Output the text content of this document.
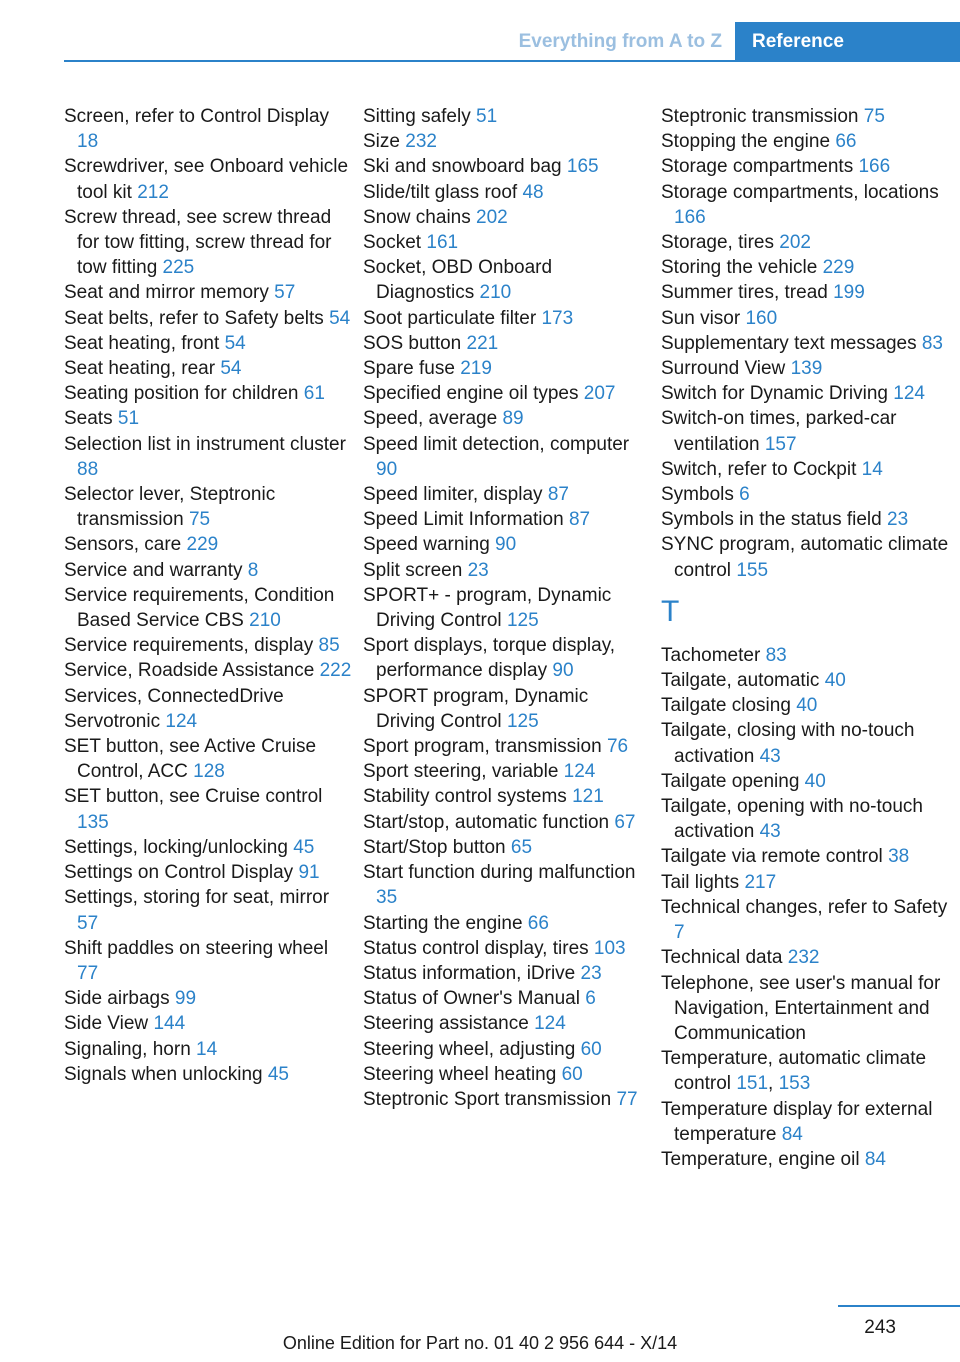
Everything from A to Z	Reference
Screen, refer to Control Display 18
Screwdriver, see Onboard vehicle tool kit 212
Screw thread, see screw thread for tow fitting, screw thread for tow fitting 225
Seat and mirror memory 57
Seat belts, refer to Safety belts 54
Seat heating, front 54
Seat heating, rear 54
Seating position for children 61
Seats 51
Selection list in instrument cluster 88
Selector lever, Steptronic transmission 75
Sensors, care 229
Service and warranty 8
Service requirements, Condition Based Service CBS 210
Service requirements, display 85
Service, Roadside Assistance 222
Services, ConnectedDrive
Servotronic 124
SET button, see Active Cruise Control, ACC 128
SET button, see Cruise control 135
Settings, locking/unlocking 45
Settings on Control Display 91
Settings, storing for seat, mirror 57
Shift paddles on steering wheel 77
Side airbags 99
Side View 144
Signaling, horn 14
Signals when unlocking 45
Sitting safely 51
Size 232
Ski and snowboard bag 165
Slide/tilt glass roof 48
Snow chains 202
Socket 161
Socket, OBD Onboard Diagnostics 210
Soot particulate filter 173
SOS button 221
Spare fuse 219
Specified engine oil types 207
Speed, average 89
Speed limit detection, computer 90
Speed limiter, display 87
Speed Limit Information 87
Speed warning 90
Split screen 23
SPORT+ - program, Dynamic Driving Control 125
Sport displays, torque display, performance display 90
SPORT program, Dynamic Driving Control 125
Sport program, transmission 76
Sport steering, variable 124
Stability control systems 121
Start/stop, automatic function 67
Start/Stop button 65
Start function during malfunction 35
Starting the engine 66
Status control display, tires 103
Status information, iDrive 23
Status of Owner's Manual 6
Steering assistance 124
Steering wheel, adjusting 60
Steering wheel heating 60
Steptronic Sport transmission 77
Steptronic transmission 75
Stopping the engine 66
Storage compartments 166
Storage compartments, locations 166
Storage, tires 202
Storing the vehicle 229
Summer tires, tread 199
Sun visor 160
Supplementary text messages 83
Surround View 139
Switch for Dynamic Driving 124
Switch-on times, parked-car ventilation 157
Switch, refer to Cockpit 14
Symbols 6
Symbols in the status field 23
SYNC program, automatic climate control 155
T
Tachometer 83
Tailgate, automatic 40
Tailgate closing 40
Tailgate, closing with no-touch activation 43
Tailgate opening 40
Tailgate, opening with no-touch activation 43
Tailgate via remote control 38
Tail lights 217
Technical changes, refer to Safety 7
Technical data 232
Telephone, see user's manual for Navigation, Entertainment and Communication
Temperature, automatic climate control 151, 153
Temperature display for external temperature 84
Temperature, engine oil 84
243
Online Edition for Part no. 01 40 2 956 644 - X/14
